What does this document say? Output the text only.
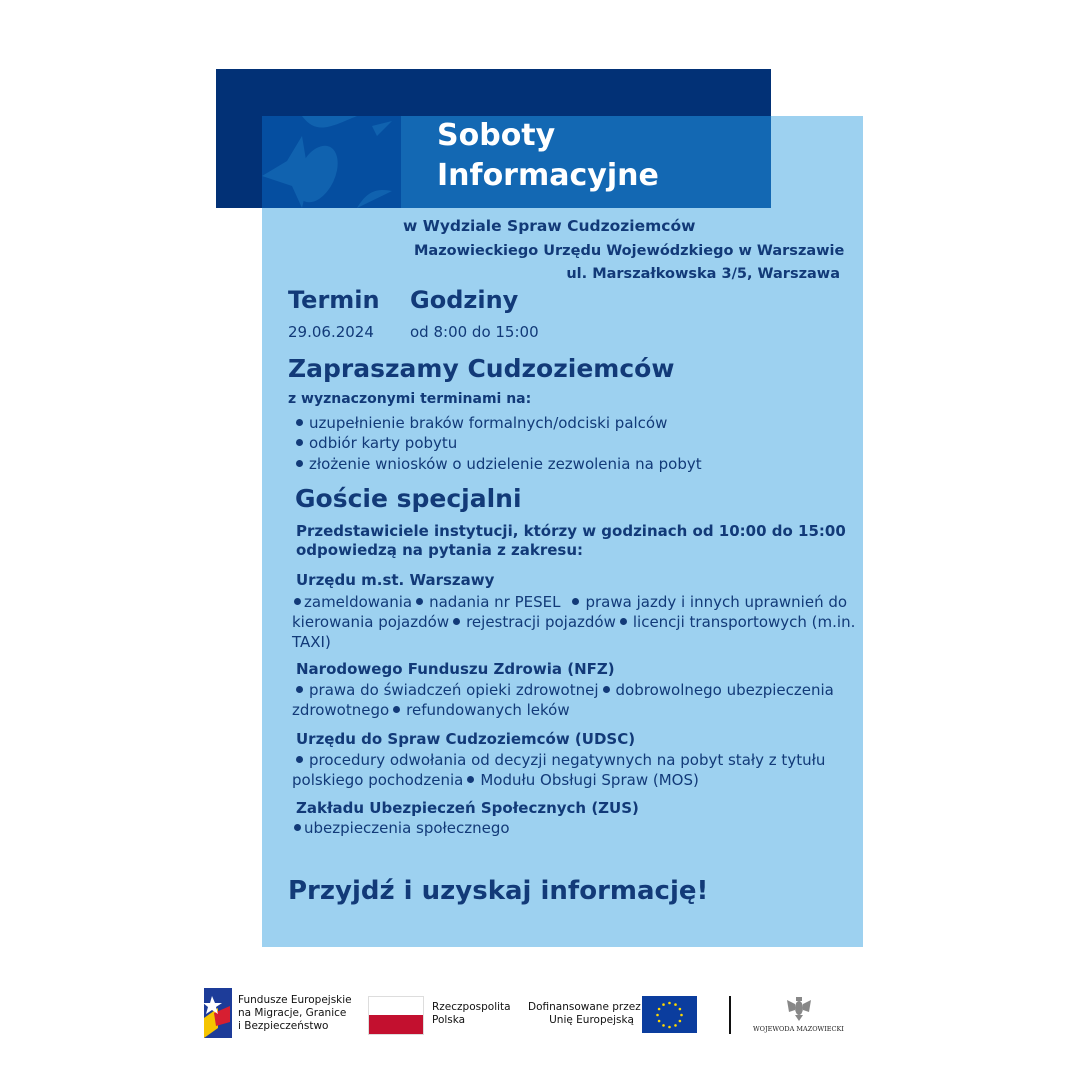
Soboty
Informacyjne
w Wydziale Spraw Cudzoziemców
Mazowieckiego Urzędu Wojewódzkiego w Warszawie
ul. Marszałkowska 3/5, Warszawa
Termin Godziny
29.06.2024 od 8:00 do 15:00
Zapraszamy Cudzoziemców
z wyznaczonymi terminami na:
uzupełnienie braków formalnych/odciski palców
odbiór karty pobytu
złożenie wniosków o udzielenie zezwolenia na pobyt
Goście specjalni
Przedstawiciele instytucji, którzy w godzinach od 10:00 do 15:00
odpowiedzą na pytania z zakresu:
Urzędu m.st. Warszawy
zameldowania nadania nr PESEL prawa jazdy i innych uprawnień do kierowania pojazdów rejestracji pojazdów licencji transportowych (m.in. TAXI)
Narodowego Funduszu Zdrowia (NFZ)
prawa do świadczeń opieki zdrowotnej dobrowolnego ubezpieczenia zdrowotnego refundowanych leków
Urzędu do Spraw Cudzoziemców (UDSC)
procedury odwołania od decyzji negatywnych na pobyt stały z tytułu polskiego pochodzenia Modułu Obsługi Spraw (MOS)
Zakładu Ubezpieczeń Społecznych (ZUS)
ubezpieczenia społecznego
Przyjdź i uzyskaj informację!
Fundusze Europejskie
na Migracje, Granice
i Bezpieczeństwo
Rzeczpospolita
Polska
Dofinansowane przez
Unię Europejską
WOJEWODA MAZOWIECKI
